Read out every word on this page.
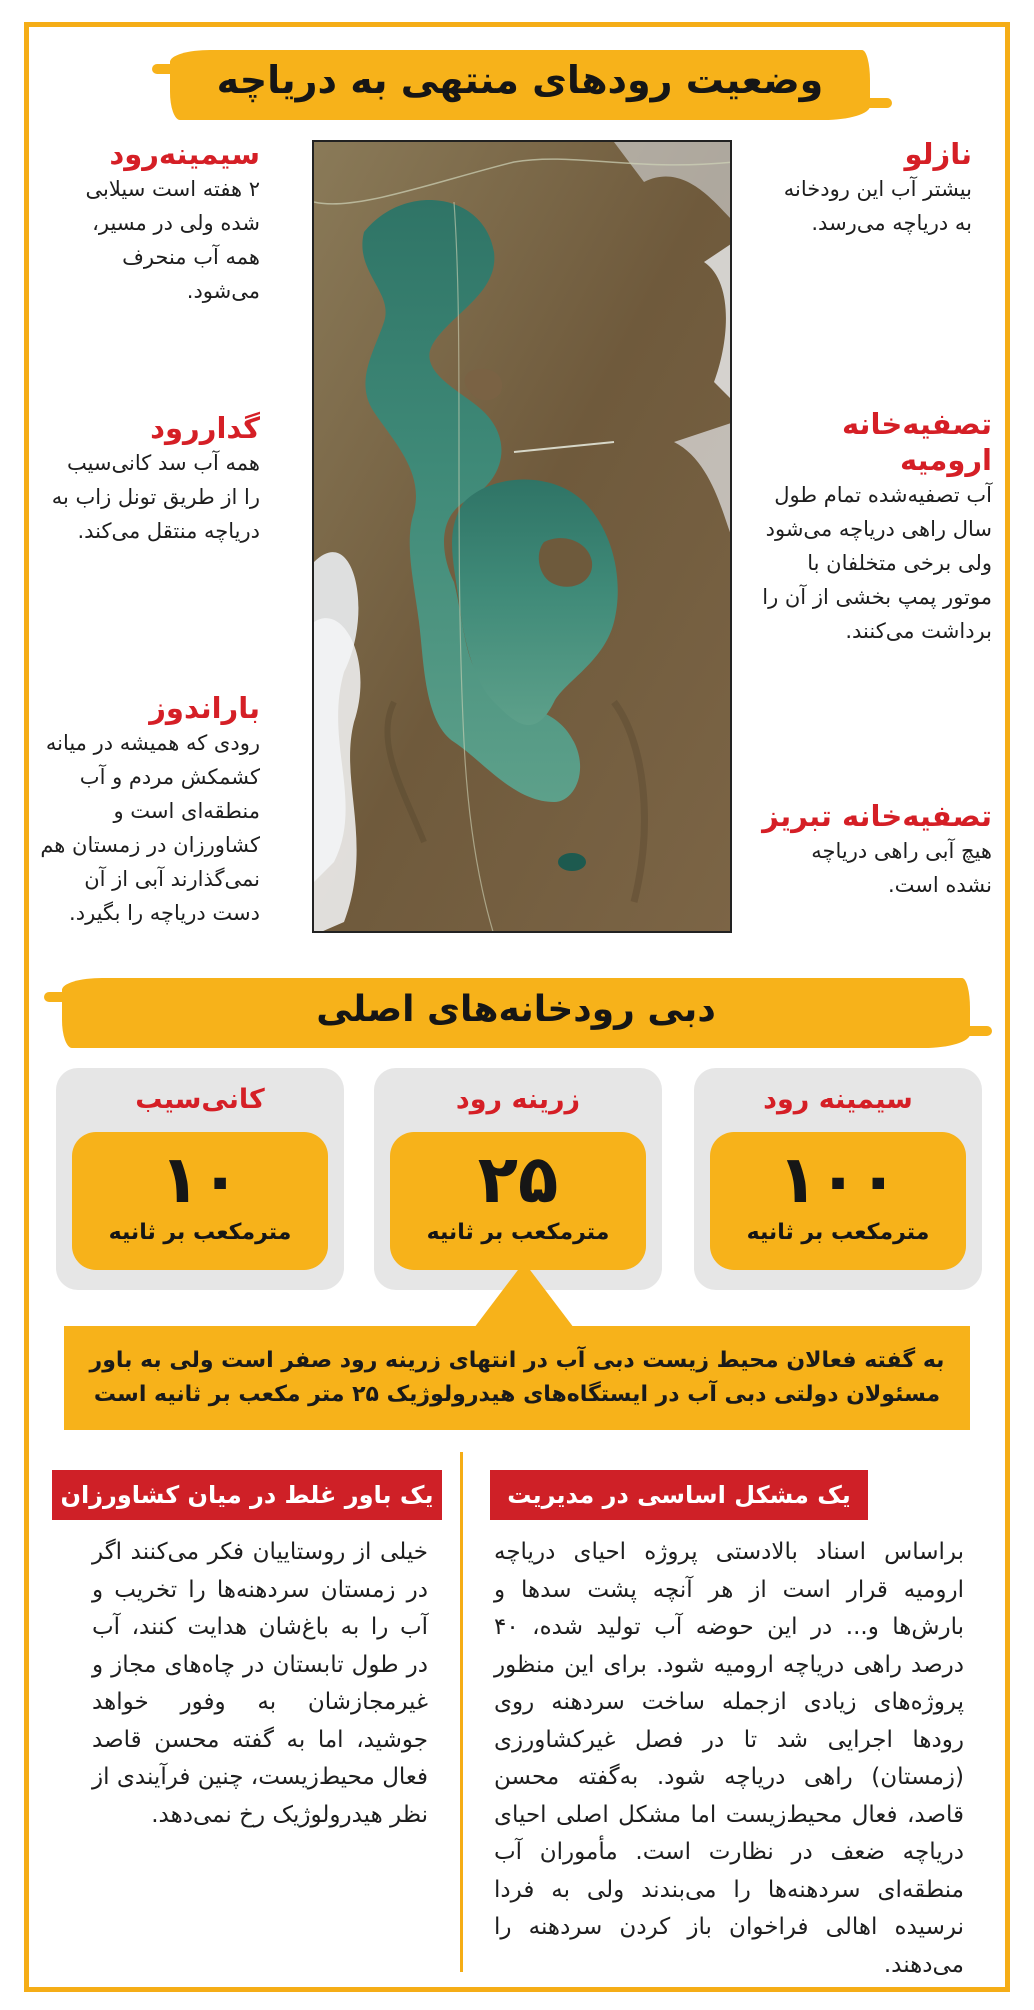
وضعیت رودهای منتهی به دریاچه
سیمینه‌رود

۲ هفته است سیلابی شده ولی در مسیر، همه آب منحرف می‌شود.

گدار‌رود

همه آب سد کانی‌سیب را از طریق تونل زاب به دریاچه منتقل می‌کند.

باراندوز

رودی که همیشه در میانه کشمکش مردم و آب منطقه‌ای است و کشاورزان در زمستان هم نمی‌گذارند آبی از آن دست دریاچه را بگیرد.

نازلو

بیشتر آب این رودخانه به دریاچه می‌رسد.

تصفیه‌خانه ارومیه

آب تصفیه‌شده تمام طول سال راهی دریاچه می‌شود ولی برخی متخلفان با موتور پمپ بخشی از آن را برداشت می‌کنند.

تصفیه‌خانه تبریز

هیچ آبی راهی دریاچه نشده است.

دبی رودخانه‌های اصلی
کانی‌سیب
۱۰
مترمکعب بر ثانیه
زرینه رود
۲۵
مترمکعب بر ثانیه
سیمینه رود
۱۰۰
مترمکعب بر ثانیه
به گفته فعالان محیط زیست دبی آب در انتهای زرینه رود صفر است ولی به باور مسئولان دولتی دبی آب در ایستگاه‌های هیدرولوژیک ۲۵ متر مکعب بر ثانیه است
یک باور غلط در میان کشاورزان	یک مشکل اساسی در مدیریت
خیلی از روستاییان فکر می‌کنند اگر در زمستان سردهنه‌ها را تخریب و آب را به باغ‌شان هدایت کنند، آب در طول تابستان در چاه‌های مجاز و غیرمجازشان به وفور خواهد جوشید، اما به گفته محسن قاصد فعال محیط‌زیست، چنین فرآیندی از نظر هیدرولوژیک رخ نمی‌دهد.
براساس اسناد بالادستی پروژه احیای دریاچه ارومیه قرار است از هر آنچه پشت سدها و بارش‌ها و... در این حوضه آب تولید شده، ۴۰ درصد راهی دریاچه ارومیه شود. برای این منظور پروژه‌های زیادی ازجمله ساخت سردهنه روی رودها اجرایی شد تا در فصل غیرکشاورزی (زمستان) راهی دریاچه شود. به‌گفته محسن قاصد، فعال محیط‌زیست اما مشکل اصلی احیای دریاچه ضعف در نظارت است. مأموران آب منطقه‌ای سردهنه‌ها را می‌بندند ولی به فردا نرسیده اهالی فراخوان باز کردن سردهنه را می‌دهند.
